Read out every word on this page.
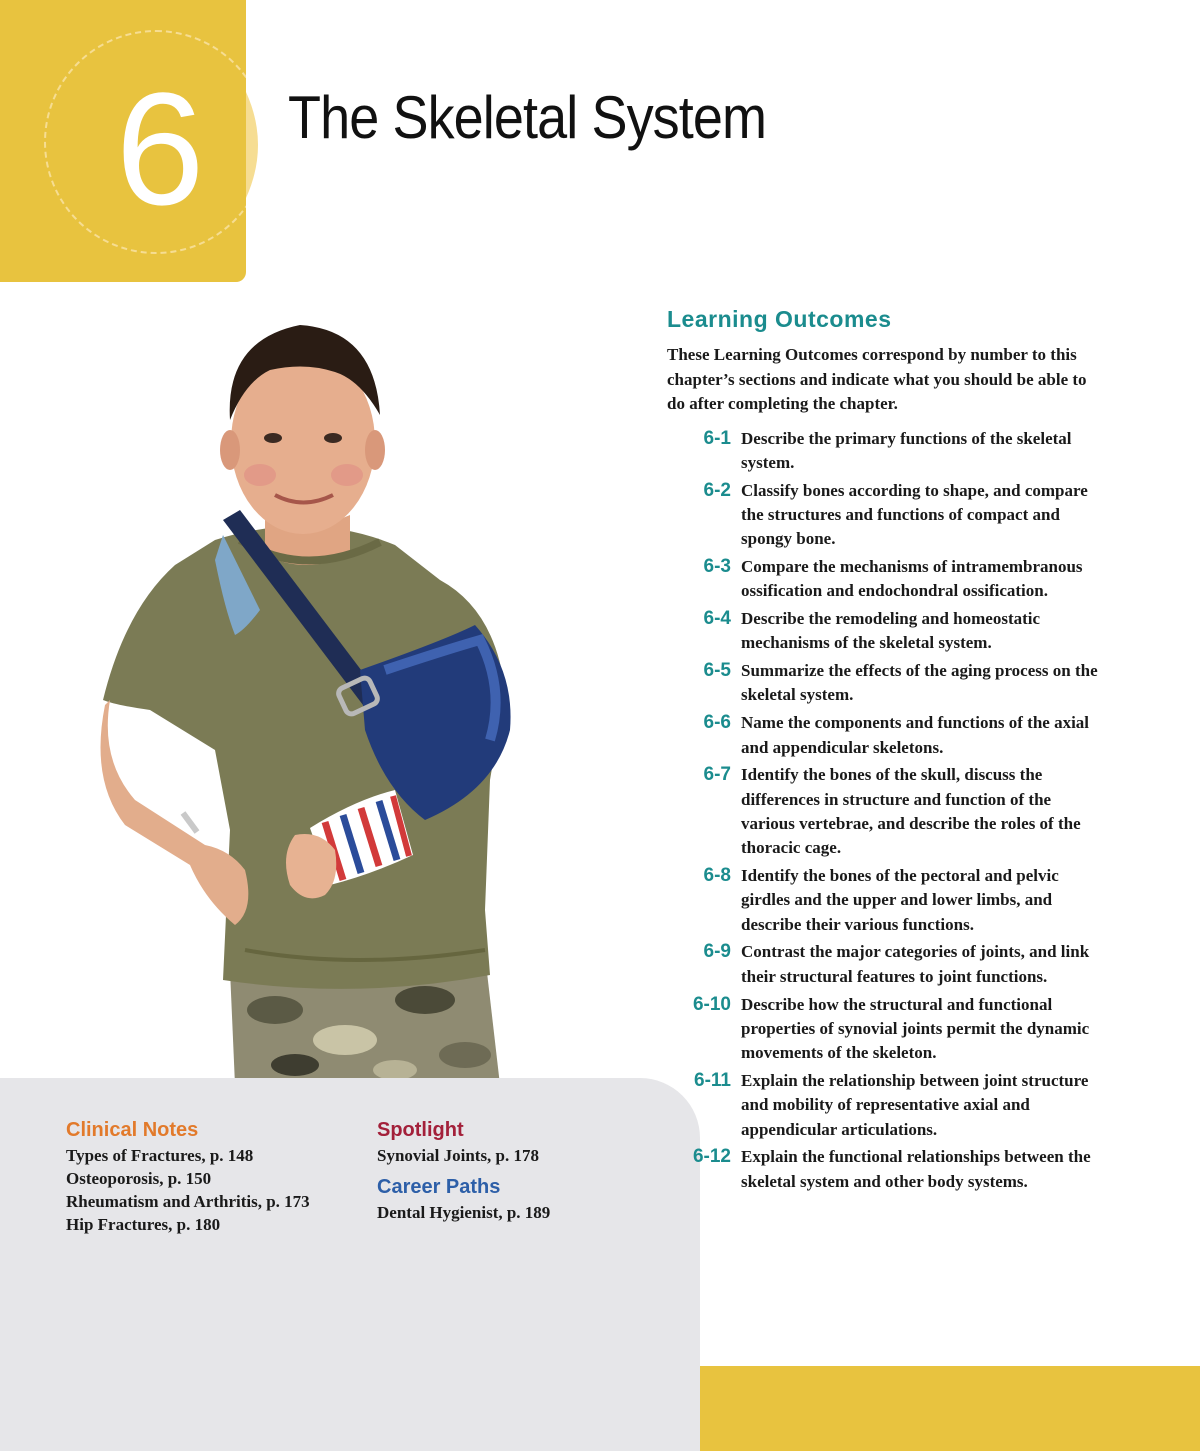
6	The Skeletal System
Clinical Notes
Types of Fractures, p. 148
Osteoporosis, p. 150
Rheumatism and Arthritis, p. 173
Hip Fractures, p. 180
Spotlight
Synovial Joints, p. 178
Career Paths
Dental Hygienist, p. 189
Learning Outcomes

These Learning Outcomes correspond by number to this chapter’s sections and indicate what you should be able to do after completing the chapter.

6-1 Describe the primary functions of the skeletal system.
6-2 Classify bones according to shape, and compare the structures and functions of compact and spongy bone.
6-3 Compare the mechanisms of intramembranous ossification and endochondral ossification.
6-4 Describe the remodeling and homeostatic mechanisms of the skeletal system.
6-5 Summarize the effects of the aging process on the skeletal system.
6-6 Name the components and functions of the axial and appendicular skeletons.
6-7 Identify the bones of the skull, discuss the differences in structure and function of the various vertebrae, and describe the roles of the thoracic cage.
6-8 Identify the bones of the pectoral and pelvic girdles and the upper and lower limbs, and describe their various functions.
6-9 Contrast the major categories of joints, and link their structural features to joint functions.
6-10 Describe how the structural and functional properties of synovial joints permit the dynamic movements of the skeleton.
6-11 Explain the relationship between joint structure and mobility of representative axial and appendicular articulations.
6-12 Explain the functional relationships between the skeletal system and other body systems.
